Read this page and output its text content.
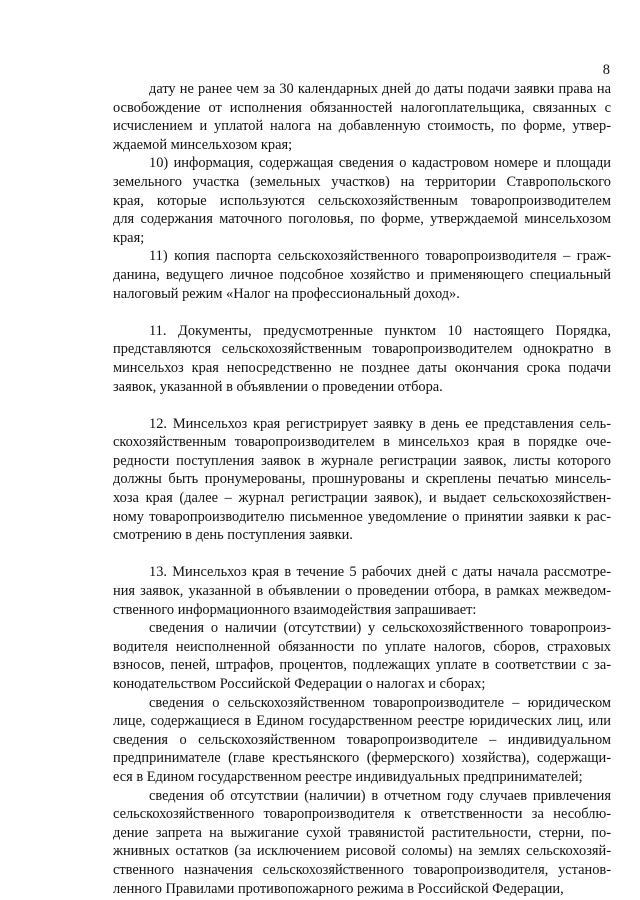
8
дату не ранее чем за 30 календарных дней до даты подачи заявки права на
освобождение от исполнения обязанностей налогоплательщика, связанных с
исчислением и уплатой налога на добавленную стоимость, по форме, утвер-
ждаемой минсельхозом края;
10) информация, содержащая сведения о кадастровом номере и площади
земельного участка (земельных участков) на территории Ставропольского
края, которые используются сельскохозяйственным товаропроизводителем
для содержания маточного поголовья, по форме, утверждаемой минсельхозом
края;
11) копия паспорта сельскохозяйственного товаропроизводителя – граж-
данина, ведущего личное подсобное хозяйство и применяющего специальный
налоговый режим «Налог на профессиональный доход».
11. Документы, предусмотренные пунктом 10 настоящего Порядка,
представляются сельскохозяйственным товаропроизводителем однократно в
минсельхоз края непосредственно не позднее даты окончания срока подачи
заявок, указанной в объявлении о проведении отбора.
12. Минсельхоз края регистрирует заявку в день ее представления сель-
скохозяйственным товаропроизводителем в минсельхоз края в порядке оче-
редности поступления заявок в журнале регистрации заявок, листы которого
должны быть пронумерованы, прошнурованы и скреплены печатью минсель-
хоза края (далее – журнал регистрации заявок), и выдает сельскохозяйствен-
ному товаропроизводителю письменное уведомление о принятии заявки к рас-
смотрению в день поступления заявки.
13. Минсельхоз края в течение 5 рабочих дней с даты начала рассмотре-
ния заявок, указанной в объявлении о проведении отбора, в рамках межведом-
ственного информационного взаимодействия запрашивает:
сведения о наличии (отсутствии) у сельскохозяйственного товаропроиз-
водителя неисполненной обязанности по уплате налогов, сборов, страховых
взносов, пеней, штрафов, процентов, подлежащих уплате в соответствии с за-
конодательством Российской Федерации о налогах и сборах;
сведения о сельскохозяйственном товаропроизводителе – юридическом
лице, содержащиеся в Едином государственном реестре юридических лиц, или
сведения о сельскохозяйственном товаропроизводителе – индивидуальном
предпринимателе (главе крестьянского (фермерского) хозяйства), содержащи-
еся в Едином государственном реестре индивидуальных предпринимателей;
сведения об отсутствии (наличии) в отчетном году случаев привлечения
сельскохозяйственного товаропроизводителя к ответственности за несоблю-
дение запрета на выжигание сухой травянистой растительности, стерни, по-
жнивных остатков (за исключением рисовой соломы) на землях сельскохозяй-
ственного назначения сельскохозяйственного товаропроизводителя, установ-
ленного Правилами противопожарного режима в Российской Федерации,
